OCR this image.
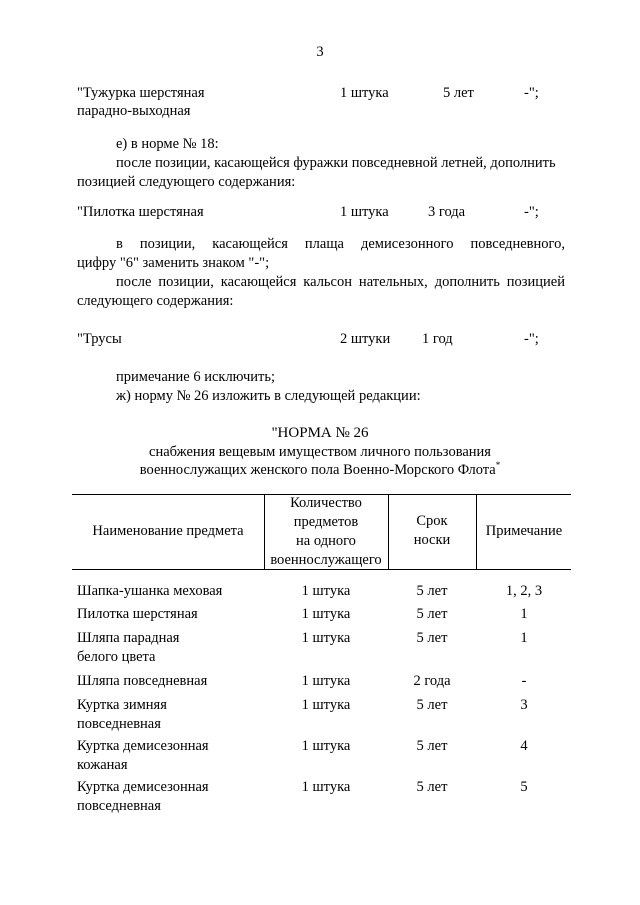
3
"Тужурка шерстяная
парадно-выходная
1 штука	5 лет	-";
е) в норме № 18:
после позиции, касающейся фуражки повседневной летней, дополнить
позицией следующего содержания:
"Пилотка шерстяная	1 штука	3 года	-";
в позиции, касающейся плаща демисезонного повседневного,
цифру "6" заменить знаком "-";
после позиции, касающейся кальсон нательных, дополнить позицией
следующего содержания:
"Трусы	2 штуки 1 год	-";
примечание 6 исключить;
ж) норму № 26 изложить в следующей редакции:
"НОРМА № 26
снабжения вещевым имуществом личного пользования
военнослужащих женского пола Военно-Морского Флота*
Наименование предмета
Количество
предметов
на одного
военнослужащего
Срок
носки
Примечание
Шапка-ушанка меховая	1 штука	5 лет	1, 2, 3
Пилотка шерстяная	1 штука	5 лет	1
Шляпа парадная
белого цвета
1 штука	5 лет	1
Шляпа повседневная	1 штука	2 года	-
Куртка зимняя
повседневная
1 штука	5 лет	3
Куртка демисезонная
кожаная
1 штука	5 лет	4
Куртка демисезонная
повседневная
1 штука	5 лет	5
